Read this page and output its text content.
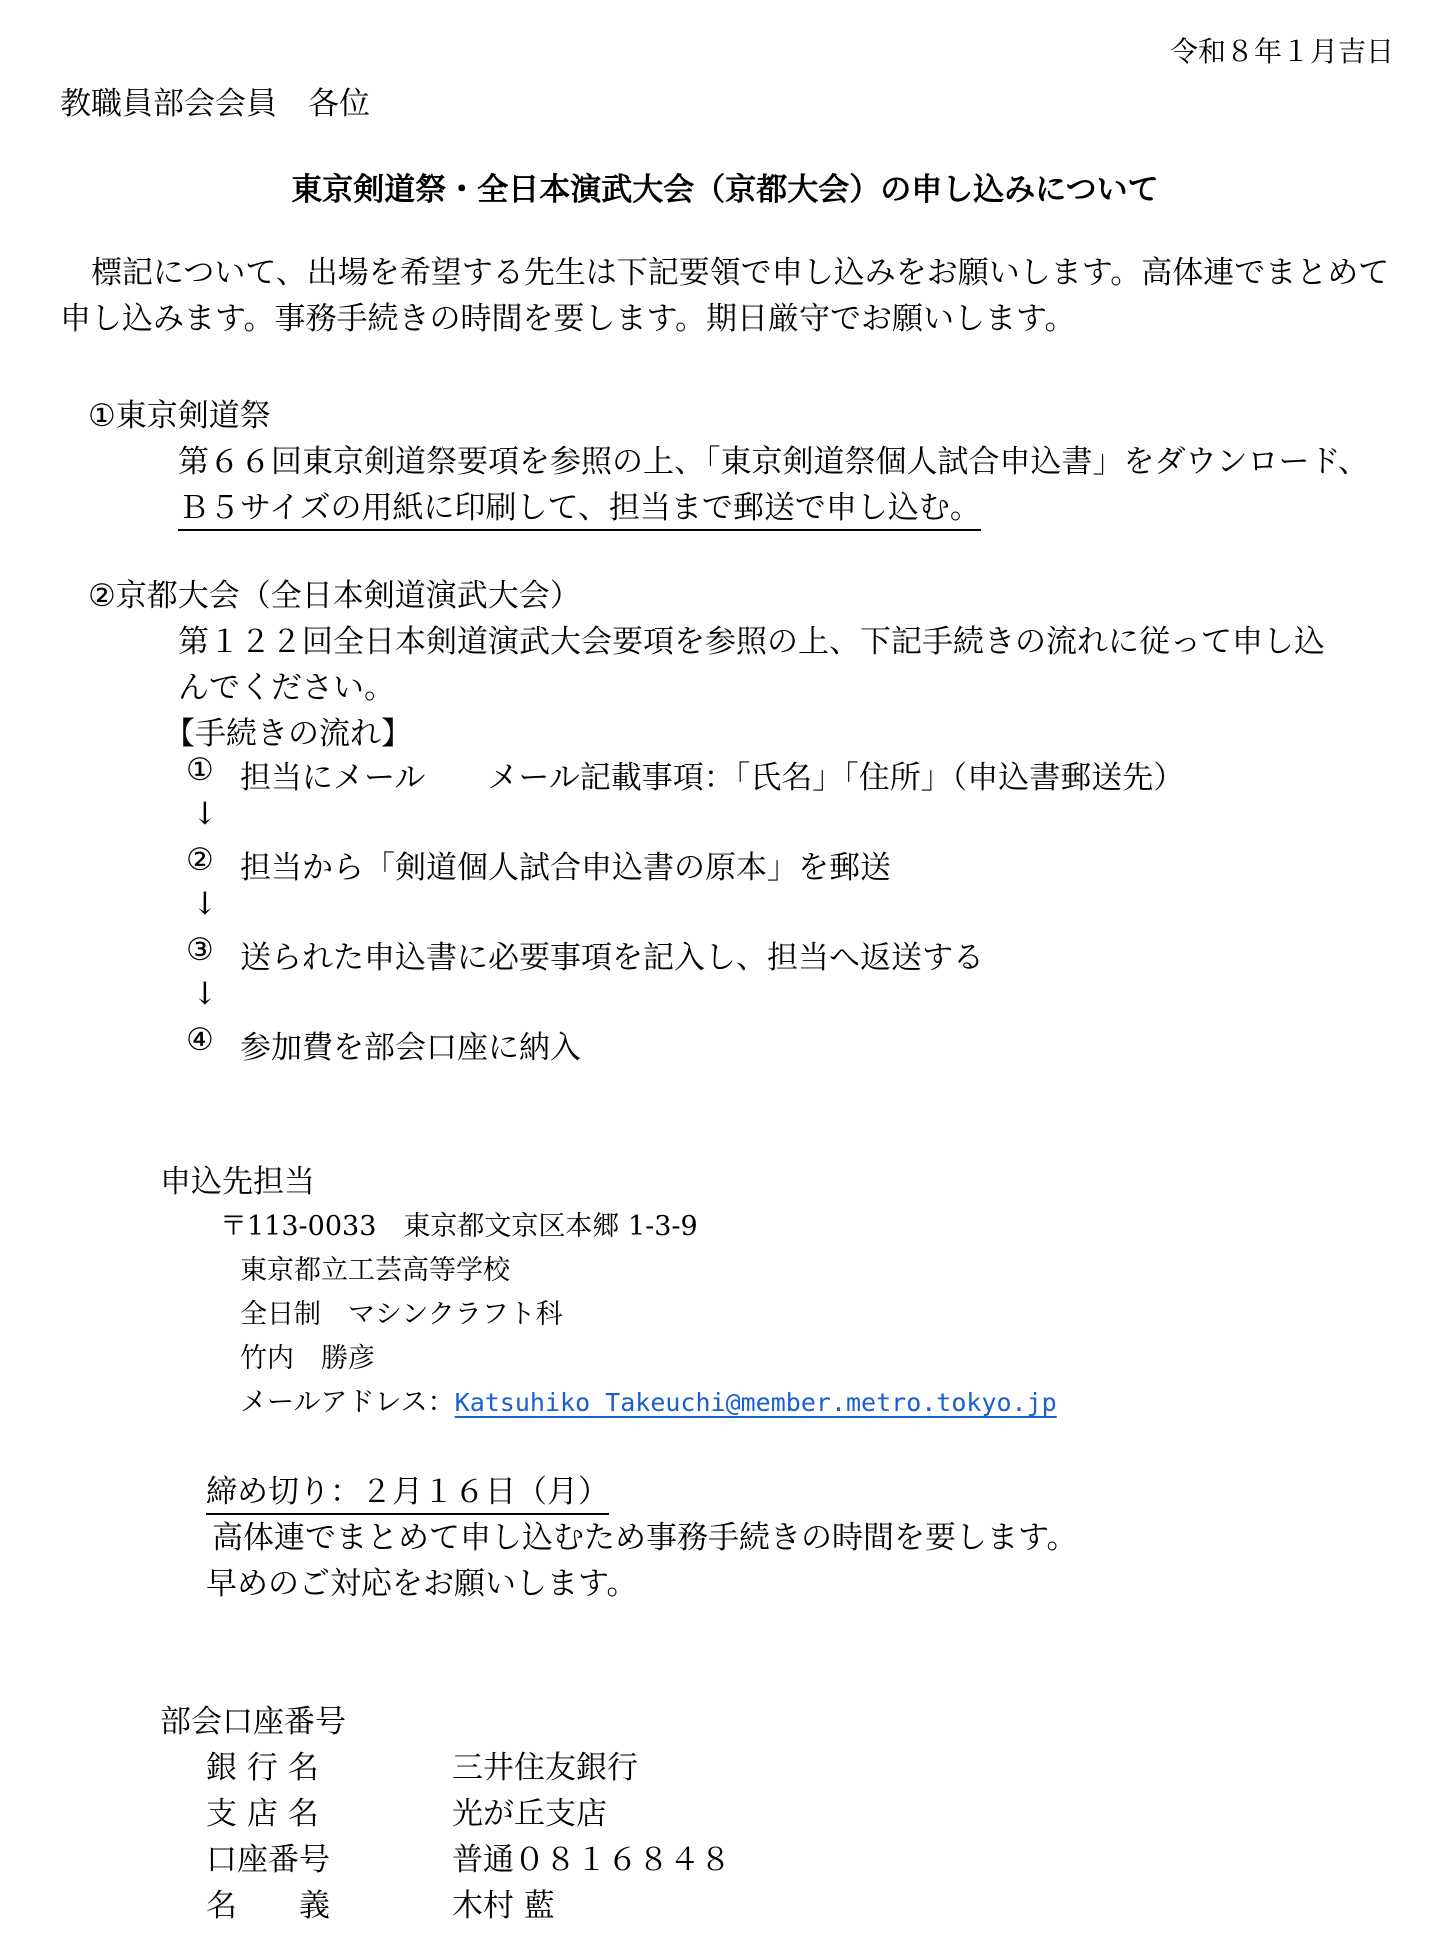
令和８年１月吉日
教職員部会会員　各位
東京剣道祭・全日本演武大会（京都大会）の申し込みについて
標記について、出場を希望する先生は下記要領で申し込みをお願いします。高体連でまとめて申し込みます。事務手続きの時間を要します。期日厳守でお願いします。
①東京剣道祭
第６６回東京剣道祭要項を参照の上、「東京剣道祭個人試合申込書」をダウンロード、
Ｂ５サイズの用紙に印刷して、担当まで郵送で申し込む。
②京都大会（全日本剣道演武大会）
第１２２回全日本剣道演武大会要項を参照の上、下記手続きの流れに従って申し込
んでください。
【手続きの流れ】
① 担当にメール　　メール記載事項：「氏名」「住所」（申込書郵送先）
↓
② 担当から「剣道個人試合申込書の原本」を郵送
↓
③ 送られた申込書に必要事項を記入し、担当へ返送する
↓
④ 参加費を部会口座に納入
申込先担当
〒113-0033　東京都文京区本郷 1-3-9
東京都立工芸高等学校
全日制　マシンクラフト科
竹内　勝彦
メールアドレス：Katsuhiko_Takeuchi@member.metro.tokyo.jp
締め切り：２月１６日（月）
高体連でまとめて申し込むため事務手続きの時間を要します。
早めのご対応をお願いします。
部会口座番号
銀 行 名	三井住友銀行
支 店 名	光が丘支店
口座番号	普通０８１６８４８
名　　義	木村 藍
